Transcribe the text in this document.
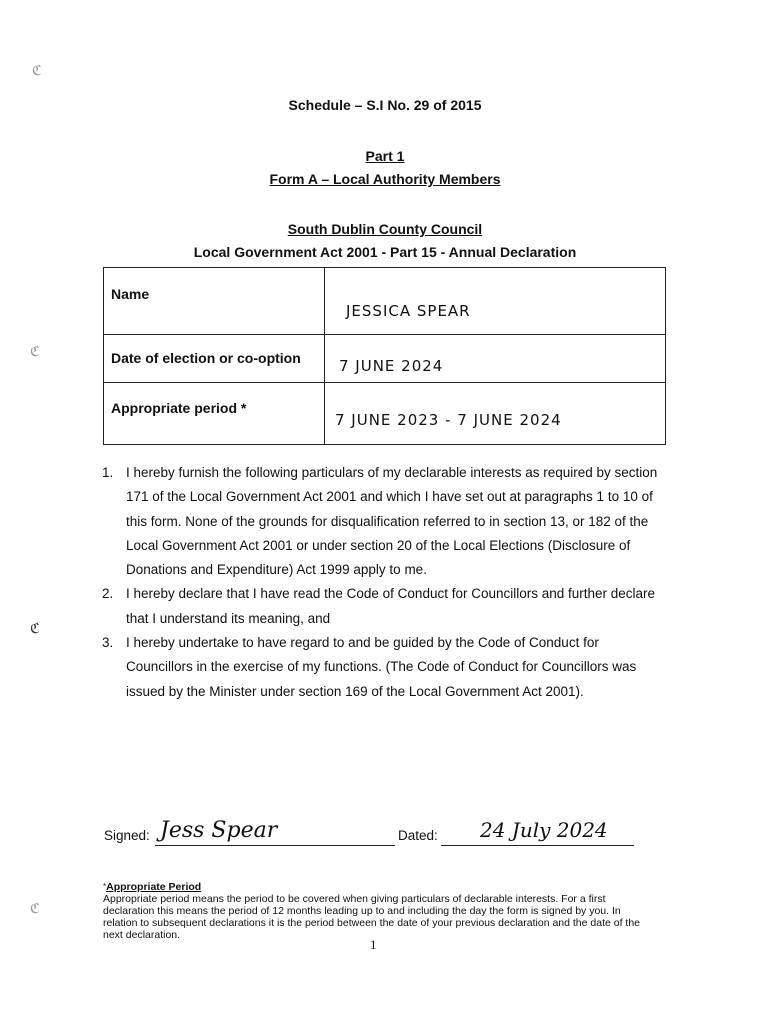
ℭ
ℭ
ℭ
ℭ
Schedule – S.I No. 29 of 2015
Part 1
Form A – Local Authority Members
South Dublin County Council
Local Government Act 2001 - Part 15 - Annual Declaration
Name
JESSICA SPEAR
Date of election or co-option	7 JUNE 2024
Appropriate period *
7 JUNE 2023 - 7 JUNE 2024
1. I hereby furnish the following particulars of my declarable interests as required by section 171 of the Local Government Act 2001 and which I have set out at paragraphs 1 to 10 of this form. None of the grounds for disqualification referred to in section 13, or 182 of the Local Government Act 2001 or under section 20 of the Local Elections (Disclosure of Donations and Expenditure) Act 1999 apply to me.
2. I hereby declare that I have read the Code of Conduct for Councillors and further declare that I understand its meaning, and
3. I hereby undertake to have regard to and be guided by the Code of Conduct for Councillors in the exercise of my functions. (The Code of Conduct for Councillors was issued by the Minister under section 169 of the Local Government Act 2001).
Signed: Jess Spear	Dated: 24 July 2024
*Appropriate Period
Appropriate period means the period to be covered when giving particulars of declarable interests. For a first declaration this means the period of 12 months leading up to and including the day the form is signed by you. In relation to subsequent declarations it is the period between the date of your previous declaration and the date of the next declaration.
1
